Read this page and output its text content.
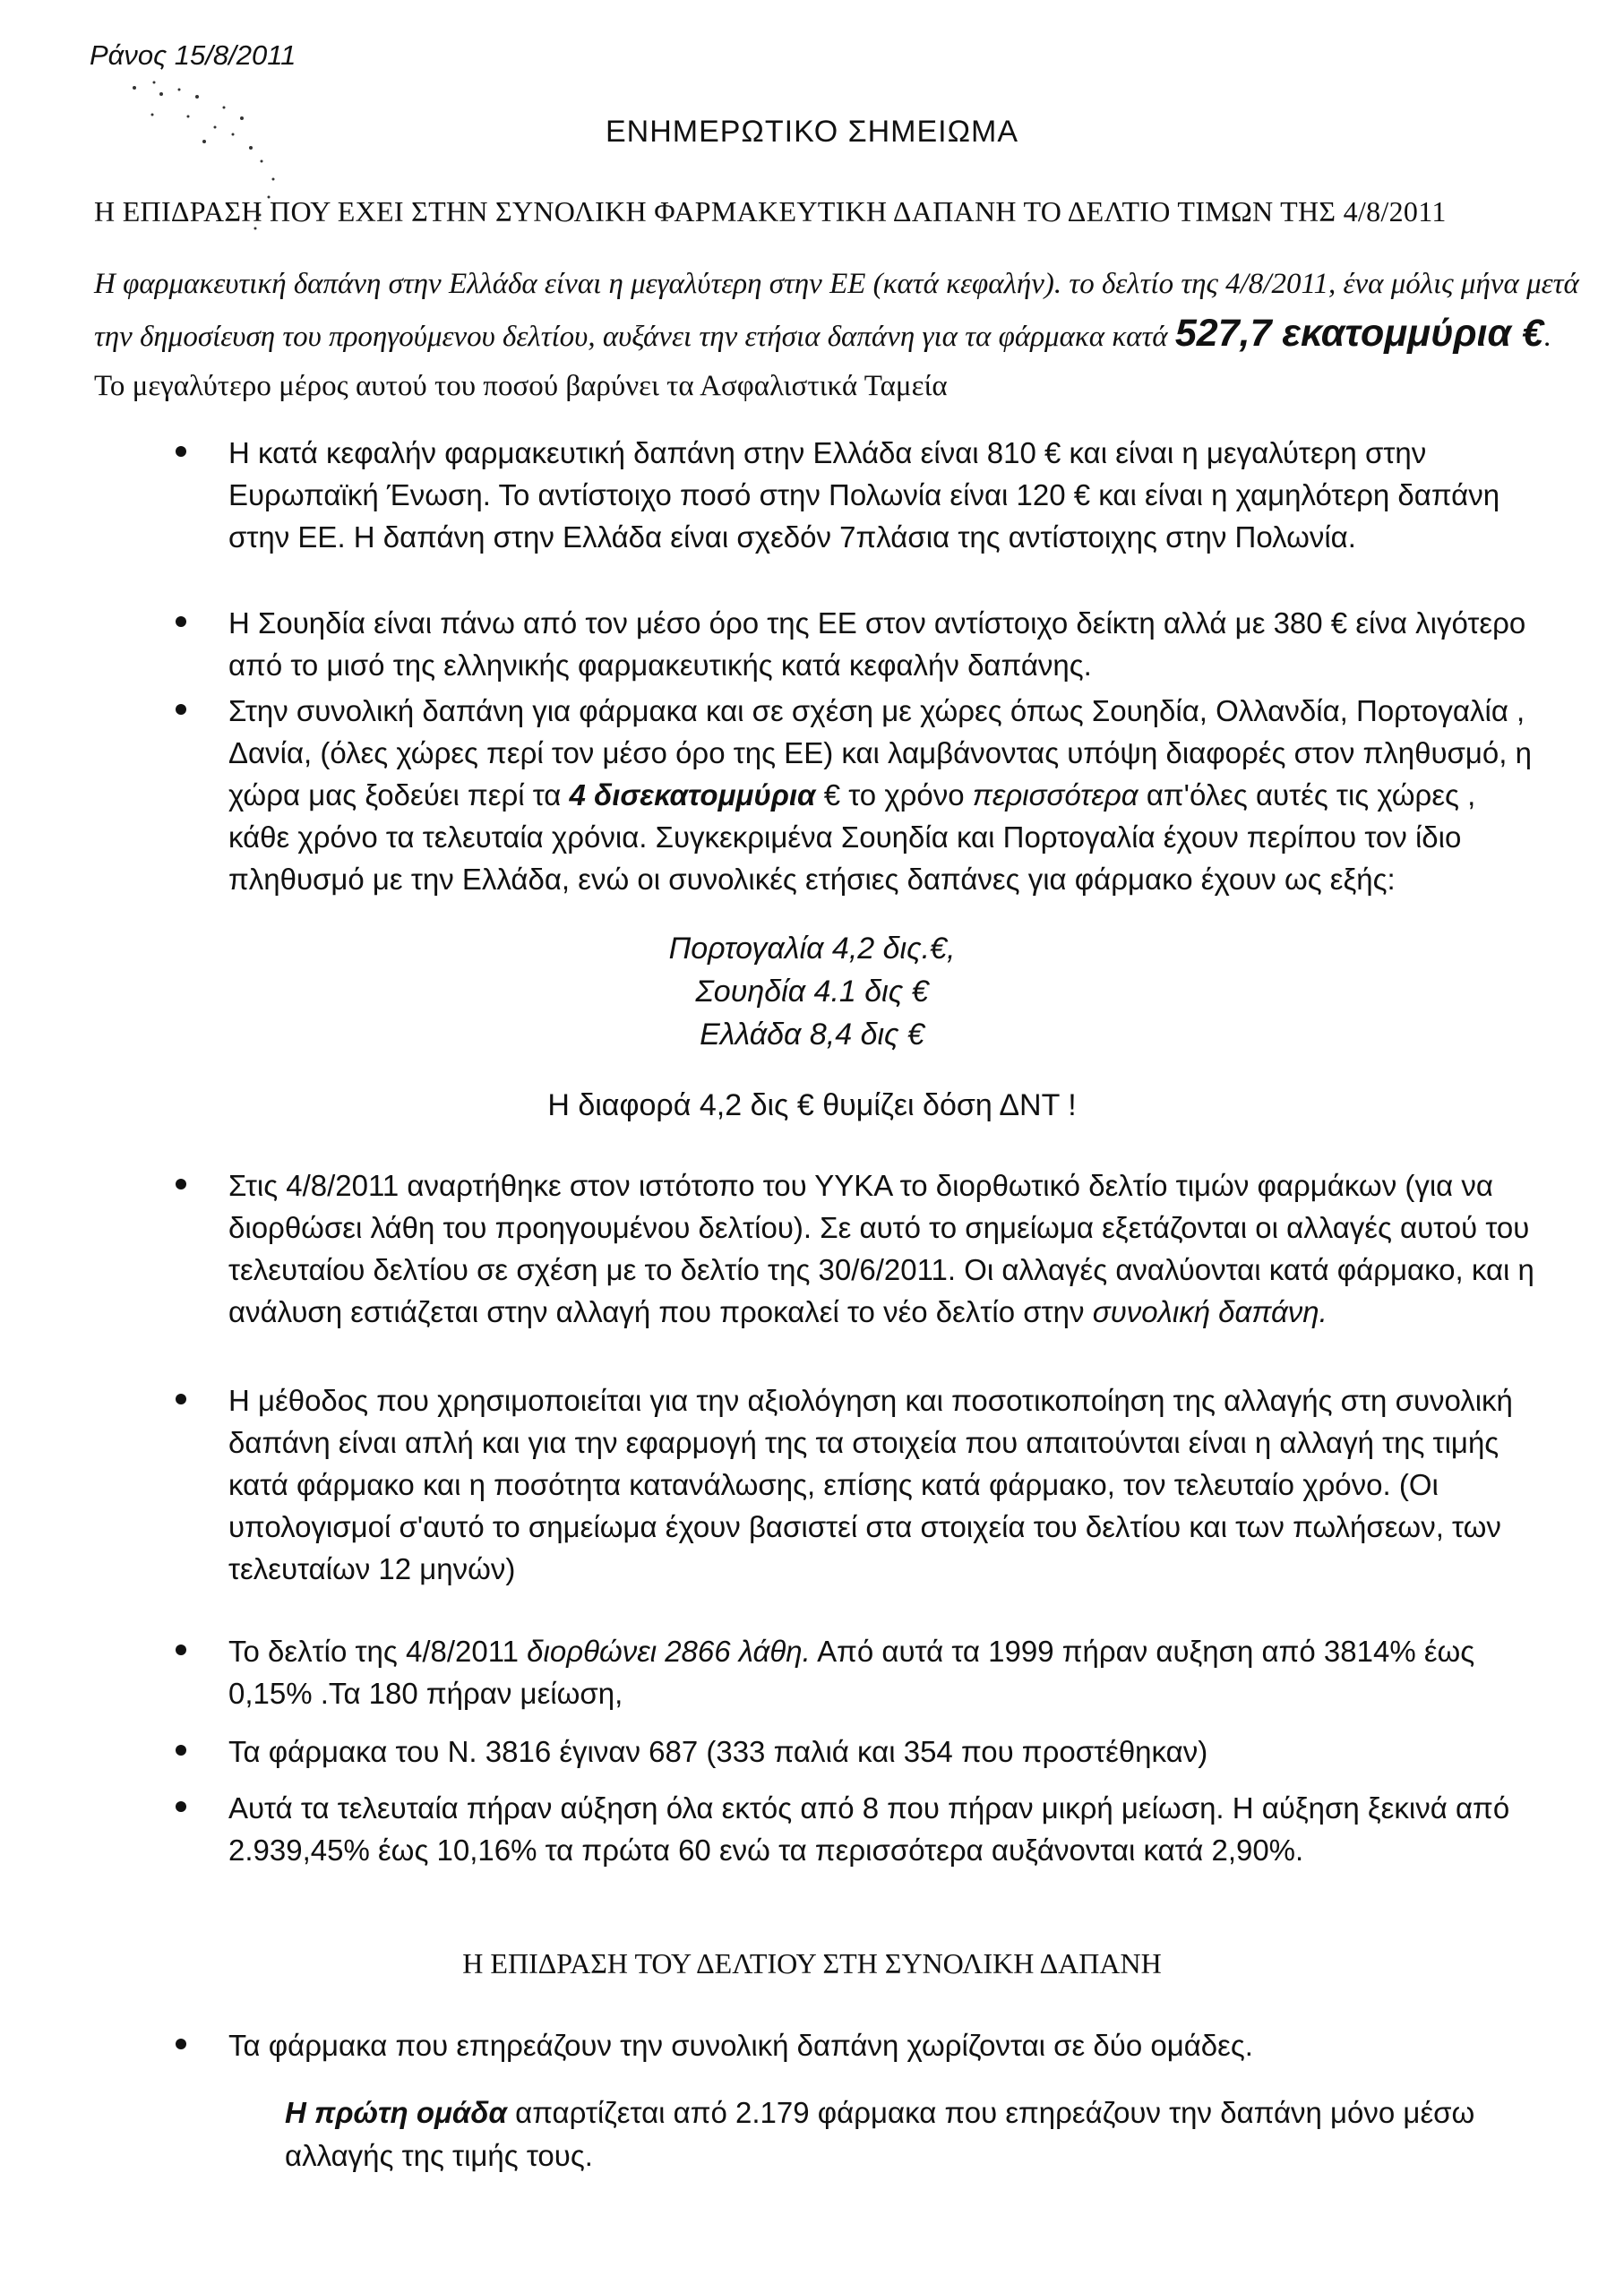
Ράνος 15/8/2011
ΕΝΗΜΕΡΩΤΙΚΟ ΣΗΜΕΙΩΜΑ
Η ΕΠΙΔΡΑΣΗ ΠΟΥ ΕΧΕΙ ΣΤΗΝ ΣΥΝΟΛΙΚΗ ΦΑΡΜΑΚΕΥΤΙΚΗ ΔΑΠΑΝΗ ΤΟ ΔΕΛΤΙΟ ΤΙΜΩΝ ΤΗΣ 4/8/2011
Η φαρμακευτική δαπάνη στην Ελλάδα είναι η μεγαλύτερη στην ΕΕ (κατά κεφαλήν). το δελτίο της 4/8/2011, ένα μόλις μήνα μετά την δημοσίευση του προηγούμενου δελτίου, αυξάνει την ετήσια δαπάνη για τα φάρμακα κατά 527,7 εκατομμύρια €. Το μεγαλύτερο μέρος αυτού του ποσού βαρύνει τα Ασφαλιστικά Ταμεία
Η κατά κεφαλήν φαρμακευτική δαπάνη στην Ελλάδα είναι 810 € και είναι η μεγαλύτερη στην Ευρωπαϊκή Ένωση. Το αντίστοιχο ποσό στην Πολωνία είναι 120 € και είναι η χαμηλότερη δαπάνη στην ΕΕ. Η δαπάνη στην Ελλάδα είναι σχεδόν 7πλάσια της αντίστοιχης στην Πολωνία.
Η Σουηδία είναι πάνω από τον μέσο όρο της ΕΕ στον αντίστοιχο δείκτη αλλά με 380 € είνα λιγότερο από το μισό της ελληνικής φαρμακευτικής κατά κεφαλήν δαπάνης.
Στην συνολική δαπάνη για φάρμακα και σε σχέση με χώρες όπως Σουηδία, Ολλανδία, Πορτογαλία , Δανία, (όλες χώρες περί τον μέσο όρο της ΕΕ) και λαμβάνοντας υπόψη διαφορές στον πληθυσμό, η χώρα μας ξοδεύει περί τα 4 δισεκατομμύρια € το χρόνο περισσότερα απ'όλες αυτές τις χώρες , κάθε χρόνο τα τελευταία χρόνια. Συγκεκριμένα Σουηδία και Πορτογαλία έχουν περίπου τον ίδιο πληθυσμό με την Ελλάδα, ενώ οι συνολικές ετήσιες δαπάνες για φάρμακο έχουν ως εξής:
Πορτογαλία 4,2 δις.€,
Σουηδία 4.1 δις €
Ελλάδα 8,4 δις €
Η διαφορά 4,2 δις € θυμίζει δόση ΔΝΤ !
Στις 4/8/2011 αναρτήθηκε στον ιστότοπο του ΥΥΚΑ το διορθωτικό δελτίο τιμών φαρμάκων (για να διορθώσει λάθη του προηγουμένου δελτίου). Σε αυτό το σημείωμα εξετάζονται οι αλλαγές αυτού του τελευταίου δελτίου σε σχέση με το δελτίο της 30/6/2011. Οι αλλαγές αναλύονται κατά φάρμακο, και η ανάλυση εστιάζεται στην αλλαγή που προκαλεί το νέο δελτίο στην συνολική δαπάνη.
Η μέθοδος που χρησιμοποιείται για την αξιολόγηση και ποσοτικοποίηση της αλλαγής στη συνολική δαπάνη είναι απλή και για την εφαρμογή της τα στοιχεία που απαιτούνται είναι η αλλαγή της τιμής κατά φάρμακο και η ποσότητα κατανάλωσης, επίσης κατά φάρμακο, τον τελευταίο χρόνο. (Οι υπολογισμοί σ'αυτό το σημείωμα έχουν βασιστεί στα στοιχεία του δελτίου και των πωλήσεων, των τελευταίων 12 μηνών)
Το δελτίο της 4/8/2011 διορθώνει 2866 λάθη. Από αυτά τα 1999 πήραν αυξηση από 3814% έως 0,15% .Τα 180 πήραν μείωση,
Τα φάρμακα του Ν. 3816 έγιναν 687 (333 παλιά και 354 που προστέθηκαν)
Αυτά τα τελευταία πήραν αύξηση όλα εκτός από 8 που πήραν μικρή μείωση. Η αύξηση ξεκινά από 2.939,45% έως 10,16% τα πρώτα 60 ενώ τα περισσότερα αυξάνονται κατά 2,90%.
Η ΕΠΙΔΡΑΣΗ ΤΟΥ ΔΕΛΤΙΟΥ ΣΤΗ ΣΥΝΟΛΙΚΗ ΔΑΠΑΝΗ
Τα φάρμακα που επηρεάζουν την συνολική δαπάνη χωρίζονται σε δύο ομάδες.
Η πρώτη ομάδα απαρτίζεται από 2.179 φάρμακα που επηρεάζουν την δαπάνη μόνο μέσω αλλαγής της τιμής τους.
